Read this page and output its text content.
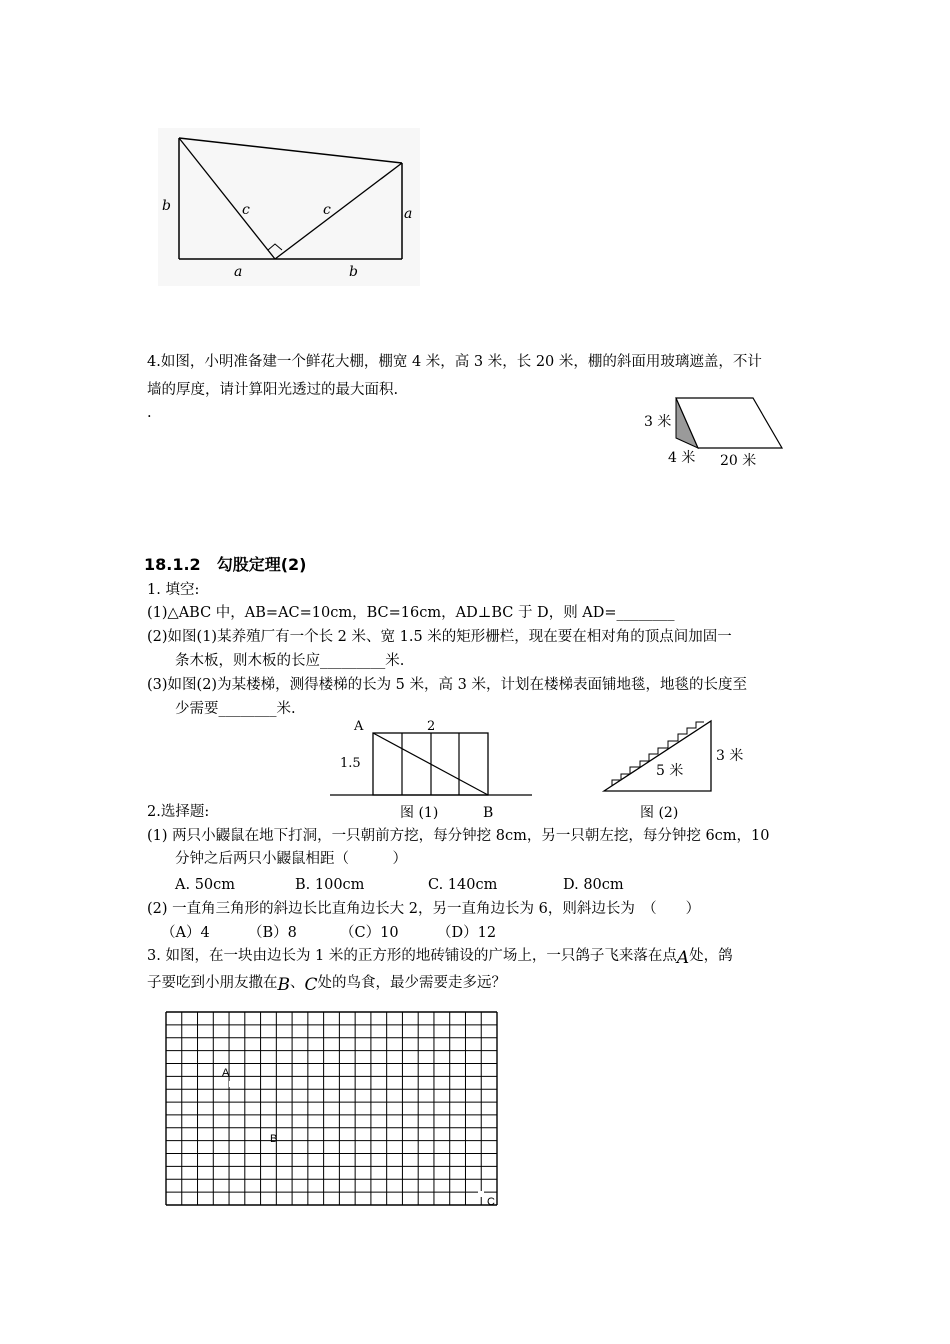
b	c	c	a
a	b
4.如图，小明准备建一个鲜花大棚，棚宽 4 米，高 3 米，长 20 米，棚的斜面用玻璃遮盖，不计
墙的厚度，请计算阳光透过的最大面积.
.
3 米
4 米 20 米
18.1.2　勾股定理(2)
1. 填空:
(1)△ABC 中，AB=AC=10cm，BC=16cm，AD⊥BC 于 D，则 AD=________
(2)如图(1)某养殖厂有一个长 2 米、宽 1.5 米的矩形栅栏，现在要在相对角的顶点间加固一
条木板，则木板的长应_________米.
(3)如图(2)为某楼梯，测得楼梯的长为 5 米，高 3 米，计划在楼梯表面铺地毯，地毯的长度至
少需要________米.
A	2
1.5
图 (1)	B
3 米
5 米
图 (2)
2.选择题:
(1) 两只小鼹鼠在地下打洞，一只朝前方挖，每分钟挖 8cm，另一只朝左挖，每分钟挖 6cm，10
分钟之后两只小鼹鼠相距（　　　）
A. 50cm	B. 100cm	C. 140cm	D. 80cm
(2) 一直角三角形的斜边长比直角边长大 2，另一直角边长为 6，则斜边长为　（　　）
（A）4	（B）8	（C）10	（D）12
3. 如图，在一块由边长为 1 米的正方形的地砖铺设的广场上，一只鸽子飞来落在点A处，鸽
子要吃到小朋友撒在B、C处的鸟食，最少需要走多远？
A
B
C
